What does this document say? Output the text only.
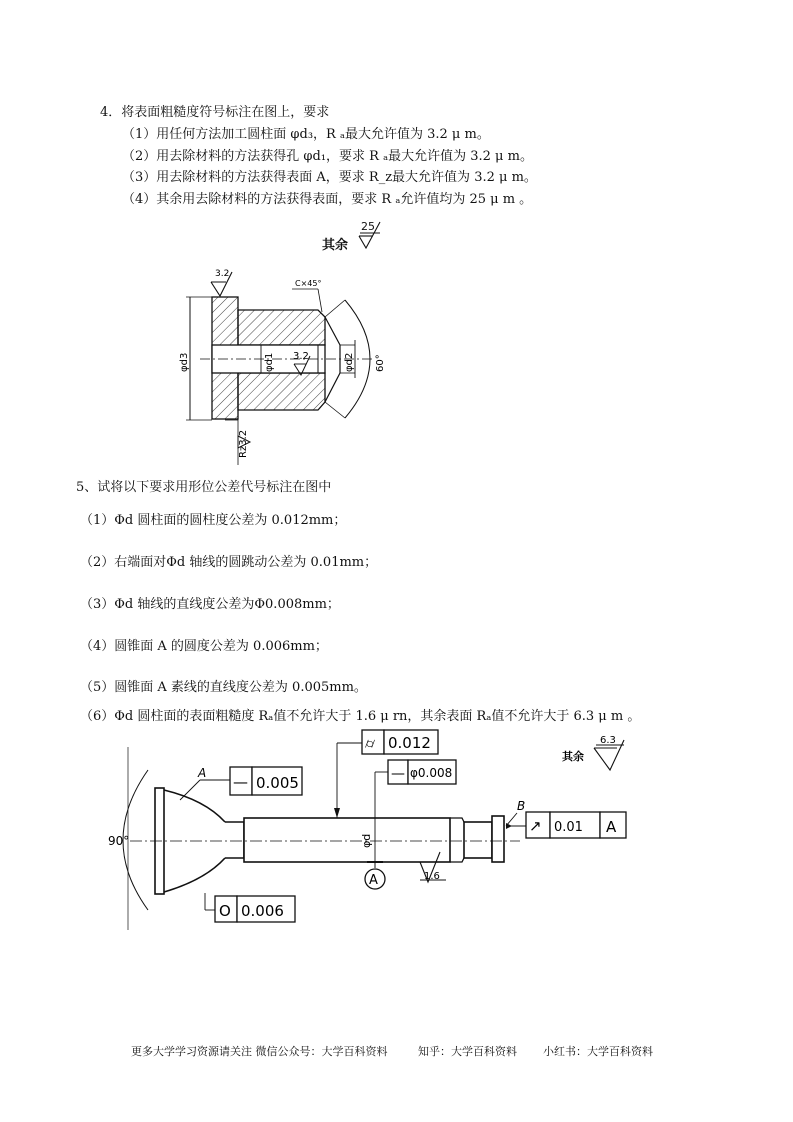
4．将表面粗糙度符号标注在图上，要求
（1）用任何方法加工圆柱面 φd₃，R ₐ最大允许值为 3.2 μ m。
（2）用去除材料的方法获得孔 φd₁，要求 R ₐ最大允许值为 3.2 μ m。
（3）用去除材料的方法获得表面 A，要求 R_z最大允许值为 3.2 μ m。
（4）其余用去除材料的方法获得表面，要求 R ₐ允许值均为 25 μ m 。
其余
25
3.2
C×45°
φd3	φd1 3.2	φd2 60°
Rz3.2
5、试将以下要求用形位公差代号标注在图中
（1）Φd 圆柱面的圆柱度公差为 0.012mm；
（2）右端面对Φd 轴线的圆跳动公差为 0.01mm；
（3）Φd 轴线的直线度公差为Φ0.008mm；
（4）圆锥面 A 的圆度公差为 0.006mm；
（5）圆锥面 A 素线的直线度公差为 0.005mm。
（6）Φd 圆柱面的表面粗糙度 Rₐ值不允许大于 1.6 μ rn，其余表面 Rₐ值不允许大于 6.3 μ m 。
其余
6.3
90°
A — 0.005
O 0.006
⌭ 0.012
— φ0.008
φd
A	1.6
B
↗ 0.01 A
更多大学学习资源请关注 微信公众号：大学百科资料	知乎：大学百科资料 小红书：大学百科资料
